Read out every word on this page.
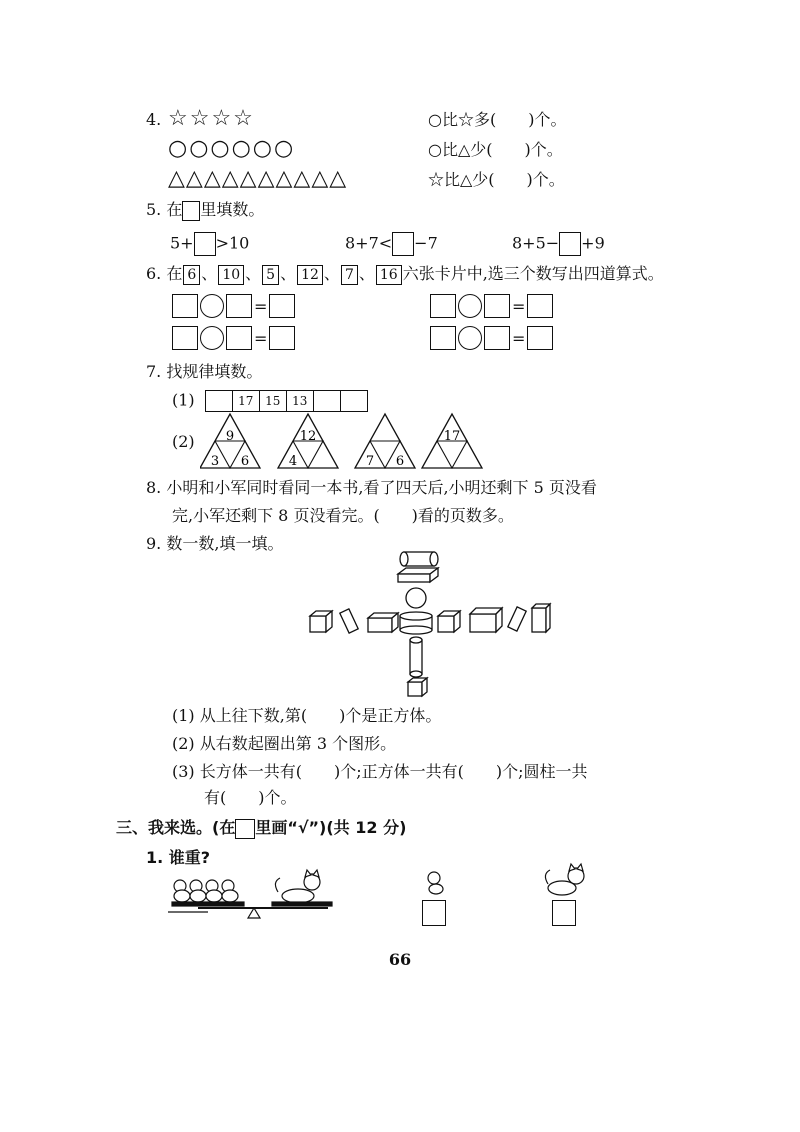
4. ☆☆☆☆
○○○○○○
△△△△△△△△△△
○比☆多(　　)个。
○比△少(　　)个。
☆比△少(　　)个。
5. 在 里填数。
5+ >10	8+7< −7	8+5− +9
6. 在 6 、 10 、 5 、 12 、 7 、 16 六张卡片中,选三个数写出四道算式。
=	=
=	=
7. 找规律填数。
(1)	17 15 13
(2) 9
3 6
12
4	7 6
17
8. 小明和小军同时看同一本书,看了四天后,小明还剩下 5 页没看
完,小军还剩下 8 页没看完。(　　)看的页数多。
9. 数一数,填一填。
(1) 从上往下数,第(　　)个是正方体。
(2) 从右数起圈出第 3 个图形。
(3) 长方体一共有(　　)个;正方体一共有(　　)个;圆柱一共
有(　　)个。
三、我来选。(在 里画“√”)(共 12 分)
1. 谁重?
66
